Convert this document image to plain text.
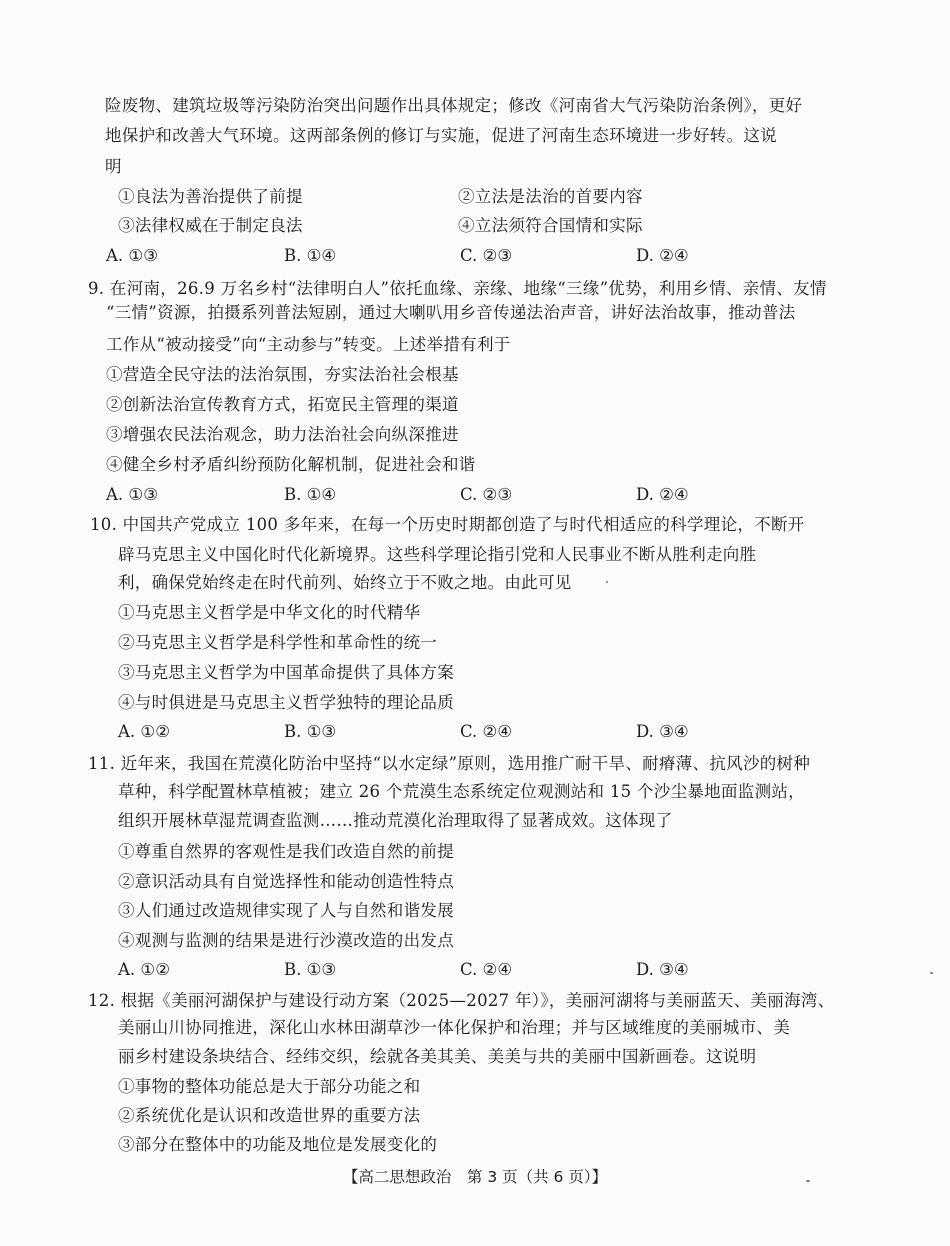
险废物、建筑垃圾等污染防治突出问题作出具体规定；修改《河南省大气污染防治条例》，更好
地保护和改善大气环境。这两部条例的修订与实施，促进了河南生态环境进一步好转。这说
明
①良法为善治提供了前提	②立法是法治的首要内容
③法律权威在于制定良法	④立法须符合国情和实际
A. ①③	B. ①④	C. ②③	D. ②④
9. 在河南，26.9 万名乡村“法律明白人”依托血缘、亲缘、地缘“三缘”优势，利用乡情、亲情、友情
“三情”资源，拍摄系列普法短剧，通过大喇叭用乡音传递法治声音，讲好法治故事，推动普法
工作从“被动接受”向“主动参与”转变。上述举措有利于
①营造全民守法的法治氛围，夯实法治社会根基
②创新法治宣传教育方式，拓宽民主管理的渠道
③增强农民法治观念，助力法治社会向纵深推进
④健全乡村矛盾纠纷预防化解机制，促进社会和谐
A. ①③	B. ①④	C. ②③	D. ②④
10. 中国共产党成立 100 多年来，在每一个历史时期都创造了与时代相适应的科学理论，不断开
辟马克思主义中国化时代化新境界。这些科学理论指引党和人民事业不断从胜利走向胜
利，确保党始终走在时代前列、始终立于不败之地。由此可见
①马克思主义哲学是中华文化的时代精华
②马克思主义哲学是科学性和革命性的统一
③马克思主义哲学为中国革命提供了具体方案
④与时俱进是马克思主义哲学独特的理论品质
A. ①②	B. ①③	C. ②④	D. ③④
11. 近年来，我国在荒漠化防治中坚持“以水定绿”原则，选用推广耐干旱、耐瘠薄、抗风沙的树种
草种，科学配置林草植被；建立 26 个荒漠生态系统定位观测站和 15 个沙尘暴地面监测站，
组织开展林草湿荒调查监测……推动荒漠化治理取得了显著成效。这体现了
①尊重自然界的客观性是我们改造自然的前提
②意识活动具有自觉选择性和能动创造性特点
③人们通过改造规律实现了人与自然和谐发展
④观测与监测的结果是进行沙漠改造的出发点
A. ①②	B. ①③	C. ②④	D. ③④
12. 根据《美丽河湖保护与建设行动方案（2025—2027 年）》，美丽河湖将与美丽蓝天、美丽海湾、
美丽山川协同推进，深化山水林田湖草沙一体化保护和治理；并与区域维度的美丽城市、美
丽乡村建设条块结合、经纬交织，绘就各美其美、美美与共的美丽中国新画卷。这说明
①事物的整体功能总是大于部分功能之和
②系统优化是认识和改造世界的重要方法
③部分在整体中的功能及地位是发展变化的
【高二思想政治　第 3 页（共 6 页）】
